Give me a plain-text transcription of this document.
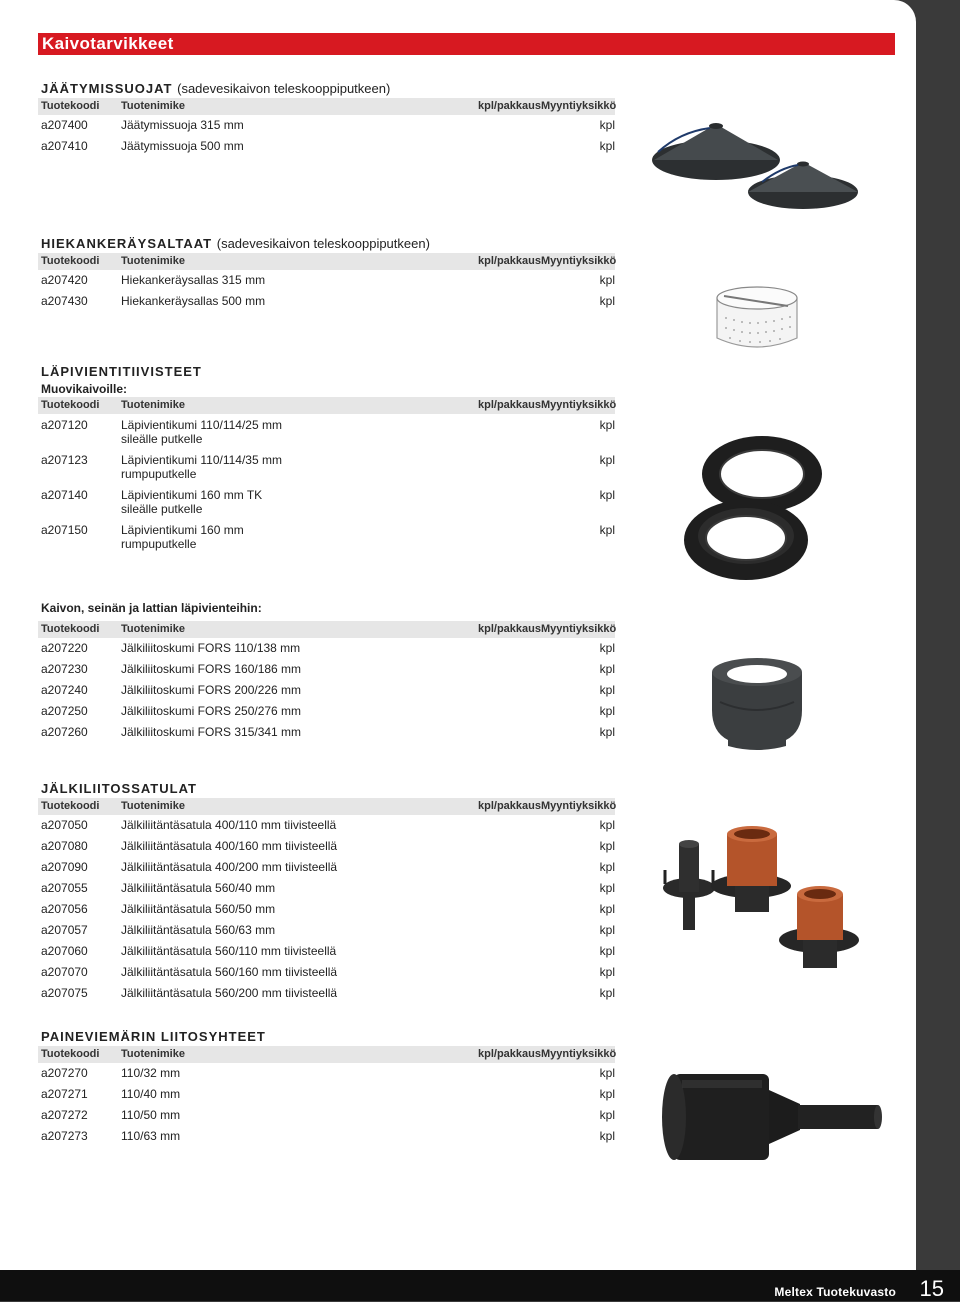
Meltex Tuotekuvasto 15
Kaivotarvikkeet
JÄÄTYMISSUOJAT (sadevesikaivon teleskooppiputkeen)
Tuotekoodi	Tuotenimike	kpl/pakkaus Myyntiyksikkö
a207400	Jäätymissuoja 315 mm	kpl
a207410	Jäätymissuoja 500 mm	kpl
HIEKANKERÄYSALTAAT (sadevesikaivon teleskooppiputkeen)
Tuotekoodi	Tuotenimike	kpl/pakkaus Myyntiyksikkö
a207420	Hiekankeräysallas 315 mm	kpl
a207430	Hiekankeräysallas 500 mm	kpl
LÄPIVIENTITIIVISTEET
Muovikaivoille:
Tuotekoodi	Tuotenimike	kpl/pakkaus Myyntiyksikkö
a207120	Läpivientikumi 110/114/25 mm
sileälle putkelle
kpl
a207123	Läpivientikumi 110/114/35 mm
rumpuputkelle
kpl
a207140	Läpivientikumi 160 mm TK
sileälle putkelle
kpl
a207150	Läpivientikumi 160 mm
rumpuputkelle
kpl
Kaivon, seinän ja lattian läpivienteihin:
Tuotekoodi	Tuotenimike	kpl/pakkaus Myyntiyksikkö
a207220	Jälkiliitoskumi FORS 110/138 mm	kpl
a207230	Jälkiliitoskumi FORS 160/186 mm	kpl
a207240	Jälkiliitoskumi FORS 200/226 mm	kpl
a207250	Jälkiliitoskumi FORS 250/276 mm	kpl
a207260	Jälkiliitoskumi FORS 315/341 mm	kpl
JÄLKILIITOSSATULAT
Tuotekoodi	Tuotenimike	kpl/pakkaus Myyntiyksikkö
a207050	Jälkiliitäntäsatula 400/110 mm tiivisteellä	kpl
a207080	Jälkiliitäntäsatula 400/160 mm tiivisteellä	kpl
a207090	Jälkiliitäntäsatula 400/200 mm tiivisteellä	kpl
a207055	Jälkiliitäntäsatula 560/40 mm	kpl
a207056	Jälkiliitäntäsatula 560/50 mm	kpl
a207057	Jälkiliitäntäsatula 560/63 mm	kpl
a207060	Jälkiliitäntäsatula 560/110 mm tiivisteellä	kpl
a207070	Jälkiliitäntäsatula 560/160 mm tiivisteellä	kpl
a207075	Jälkiliitäntäsatula 560/200 mm tiivisteellä	kpl
PAINEVIEMÄRIN LIITOSYHTEET
Tuotekoodi	Tuotenimike	kpl/pakkaus Myyntiyksikkö
a207270	110/32 mm	kpl
a207271	110/40 mm	kpl
a207272	110/50 mm	kpl
a207273	110/63 mm	kpl
